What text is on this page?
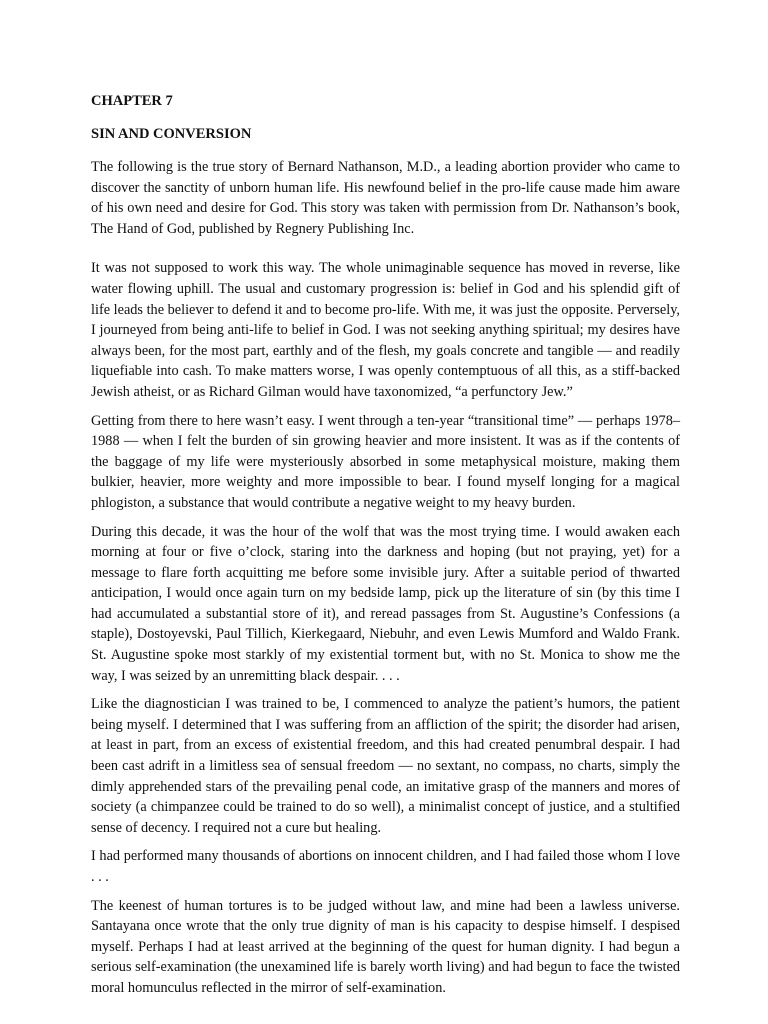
CHAPTER 7
SIN AND CONVERSION

The following is the true story of Bernard Nathanson, M.D., a leading abortion provider who came to discover the sanctity of unborn human life. His newfound belief in the pro-life cause made him aware of his own need and desire for God. This story was taken with permission from Dr. Nathanson’s book, The Hand of God, published by Regnery Publishing Inc.

It was not supposed to work this way. The whole unimaginable sequence has moved in reverse, like water flowing uphill. The usual and customary progression is: belief in God and his splendid gift of life leads the believer to defend it and to become pro-life. With me, it was just the opposite. Perversely, I journeyed from being anti-life to belief in God. I was not seeking anything spiritual; my desires have always been, for the most part, earthly and of the flesh, my goals concrete and tangible — and readily liquefiable into cash. To make matters worse, I was openly contemptuous of all this, as a stiff-backed Jewish atheist, or as Richard Gilman would have taxonomized, “a perfunctory Jew.”

Getting from there to here wasn’t easy. I went through a ten-year “transitional time” — perhaps 1978– 1988 — when I felt the burden of sin growing heavier and more insistent. It was as if the contents of the baggage of my life were mysteriously absorbed in some metaphysical moisture, making them bulkier, heavier, more weighty and more impossible to bear. I found myself longing for a magical phlogiston, a substance that would contribute a negative weight to my heavy burden.

During this decade, it was the hour of the wolf that was the most trying time. I would awaken each morning at four or five o’clock, staring into the darkness and hoping (but not praying, yet) for a message to flare forth acquitting me before some invisible jury. After a suitable period of thwarted anticipation, I would once again turn on my bedside lamp, pick up the literature of sin (by this time I had accumulated a substantial store of it), and reread passages from St. Augustine’s Confessions (a staple), Dostoyevski, Paul Tillich, Kierkegaard, Niebuhr, and even Lewis Mumford and Waldo Frank. St. Augustine spoke most starkly of my existential torment but, with no St. Monica to show me the way, I was seized by an unremitting black despair. . . .

Like the diagnostician I was trained to be, I commenced to analyze the patient’s humors, the patient being myself. I determined that I was suffering from an affliction of the spirit; the disorder had arisen, at least in part, from an excess of existential freedom, and this had created penumbral despair. I had been cast adrift in a limitless sea of sensual freedom — no sextant, no compass, no charts, simply the dimly apprehended stars of the prevailing penal code, an imitative grasp of the manners and mores of society (a chimpanzee could be trained to do so well), a minimalist concept of justice, and a stultified sense of decency. I required not a cure but healing.

I had performed many thousands of abortions on innocent children, and I had failed those whom I love . . .

The keenest of human tortures is to be judged without law, and mine had been a lawless universe. Santayana once wrote that the only true dignity of man is his capacity to despise himself. I despised myself. Perhaps I had at least arrived at the beginning of the quest for human dignity. I had begun a serious self-examination (the unexamined life is barely worth living) and had begun to face the twisted moral homunculus reflected in the mirror of self-examination.
